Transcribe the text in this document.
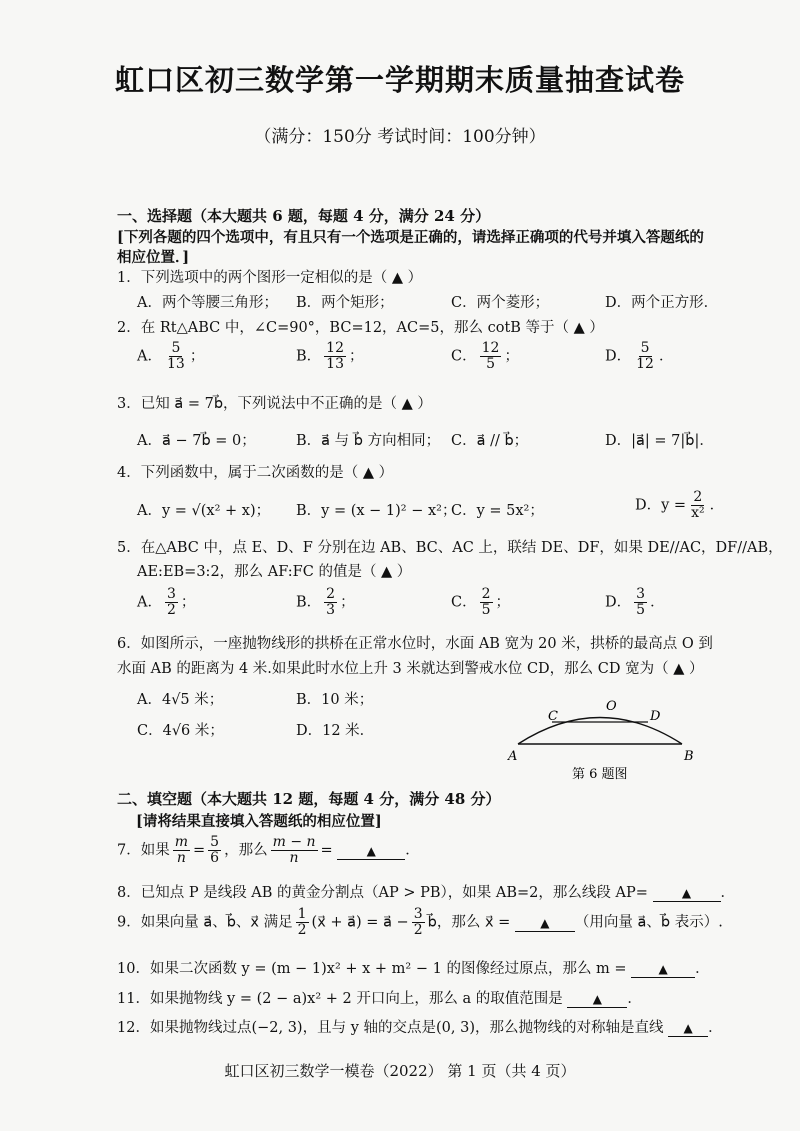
虹口区初三数学第一学期期末质量抽查试卷
（满分：150分 考试时间：100分钟）
一、选择题（本大题共 6 题，每题 4 分，满分 24 分）
[下列各题的四个选项中，有且只有一个选项是正确的，请选择正确项的代号并填入答题纸的
相应位置．]
1．下列选项中的两个图形一定相似的是（ ▲ ）
A．两个等腰三角形； B．两个矩形；	C．两个菱形；	D．两个正方形．
2．在 Rt△ABC 中，∠C=90°，BC=12，AC=5，那么 cotB 等于（ ▲ ）
A． $\frac{5}{13}$ ；	B． $\frac{12}{13}$ ；	C． $\frac{12}{5}$ ；	D． $\frac{5}{12}$ ．
3．已知 a⃗ = 7b⃗，下列说法中不正确的是（ ▲ ）
A．a⃗ − 7b⃗ = 0；	B．a⃗ 与 b⃗ 方向相同； C．a⃗ // b⃗；	D．|a⃗| = 7|b⃗|．
4．下列函数中，属于二次函数的是（ ▲ ）
A．y = √(x² + x)； B．y = (x − 1)² − x²；
C．y = 5x²；	D．$y = \frac{2}{\text{x²}}$ ．
5．在△ABC 中，点 E、D、F 分别在边 AB、BC、AC 上，联结 DE、DF，如果 DE//AC，DF//AB，
AE:EB=3:2，那么 AF:FC 的值是（ ▲ ）
A． $\frac{3}{2}$ ；	B． $\frac{2}{3}$ ；	C． $\frac{2}{5}$ ；	D． $\frac{3}{5}$ ．
6．如图所示，一座抛物线形的拱桥在正常水位时，水面 AB 宽为 20 米，拱桥的最高点 O 到
水面 AB 的距离为 4 米.如果此时水位上升 3 米就达到警戒水位 CD，那么 CD 宽为（ ▲ ）
A．4√5 米；	B．10 米；
C．4√6 米；	D．12 米．
C
O
D
A	B
第 6 题图
二、填空题（本大题共 12 题，每题 4 分，满分 48 分）
[请将结果直接填入答题纸的相应位置]
7．如果 $\frac{m}{n} = \frac{5}{6}$ ，那么 $\frac{m - n}{n}$ =	▲ ．
8．已知点 P 是线段 AB 的黄金分割点（AP > PB），如果 AB=2，那么线段 AP=	▲ ．
9．如果向量 a⃗、b⃗、x⃗ 满足 $\frac{1}{2}$ (x⃗ + a⃗) = a⃗ − $\frac{3}{2}$ b⃗，那么 x⃗ = ▲ （用向量 a⃗、b⃗ 表示）.
10．如果二次函数 y = (m − 1)x² + x + m² − 1 的图像经过原点，那么 m =	▲ ．
11．如果抛物线 y = (2 − a)x² + 2 开口向上，那么 a 的取值范围是 ▲ ．
12．如果抛物线过点(−2, 3)，且与 y 轴的交点是(0, 3)，那么抛物线的对称轴是直线 ▲ ．
虹口区初三数学一模卷（2022） 第 1 页（共 4 页）
